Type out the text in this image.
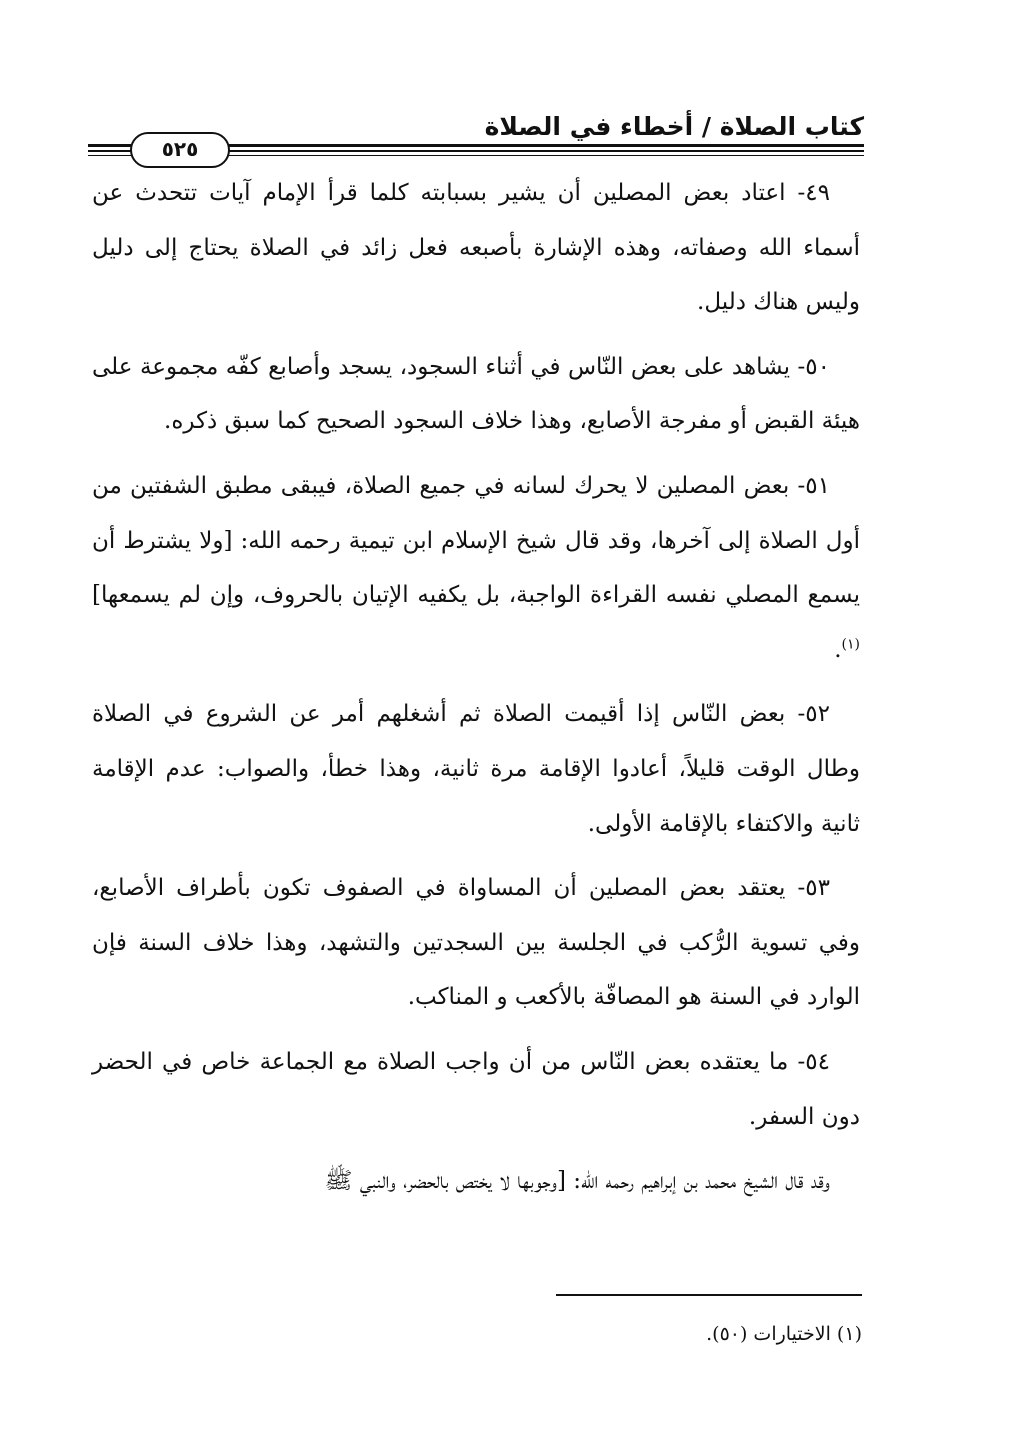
كتاب الصلاة / أخطاء في الصلاة
٥٢٥

٤٩- اعتاد بعض المصلين أن يشير بسبابته كلما قرأ الإمام آيات تتحدث عن أسماء الله وصفاته، وهذه الإشارة بأصبعه فعل زائد في الصلاة يحتاج إلى دليل وليس هناك دليل.

٥٠- يشاهد على بعض النّاس في أثناء السجود، يسجد وأصابع كفّه مجموعة على هيئة القبض أو مفرجة الأصابع، وهذا خلاف السجود الصحيح كما سبق ذكره.

٥١- بعض المصلين لا يحرك لسانه في جميع الصلاة، فيبقى مطبق الشفتين من أول الصلاة إلى آخرها، وقد قال شيخ الإسلام ابن تيمية رحمه الله: [ولا يشترط أن يسمع المصلي نفسه القراءة الواجبة، بل يكفيه الإتيان بالحروف، وإن لم يسمعها]$^{(١)}$.

٥٢- بعض النّاس إذا أقيمت الصلاة ثم أشغلهم أمر عن الشروع في الصلاة وطال الوقت قليلاً، أعادوا الإقامة مرة ثانية، وهذا خطأ، والصواب: عدم الإقامة ثانية والاكتفاء بالإقامة الأولى.

٥٣- يعتقد بعض المصلين أن المساواة في الصفوف تكون بأطراف الأصابع، وفي تسوية الرُّكب في الجلسة بين السجدتين والتشهد، وهذا خلاف السنة فإن الوارد في السنة هو المصافّة بالأكعب و المناكب.

٥٤- ما يعتقده بعض النّاس من أن واجب الصلاة مع الجماعة خاص في الحضر دون السفر.

وقد قال الشيخ محمد بن إبراهيم رحمه الله: [وجوبها لا يختص بالحضر، والنبي ﷺ

(١) الاختيارات (٥٠).
